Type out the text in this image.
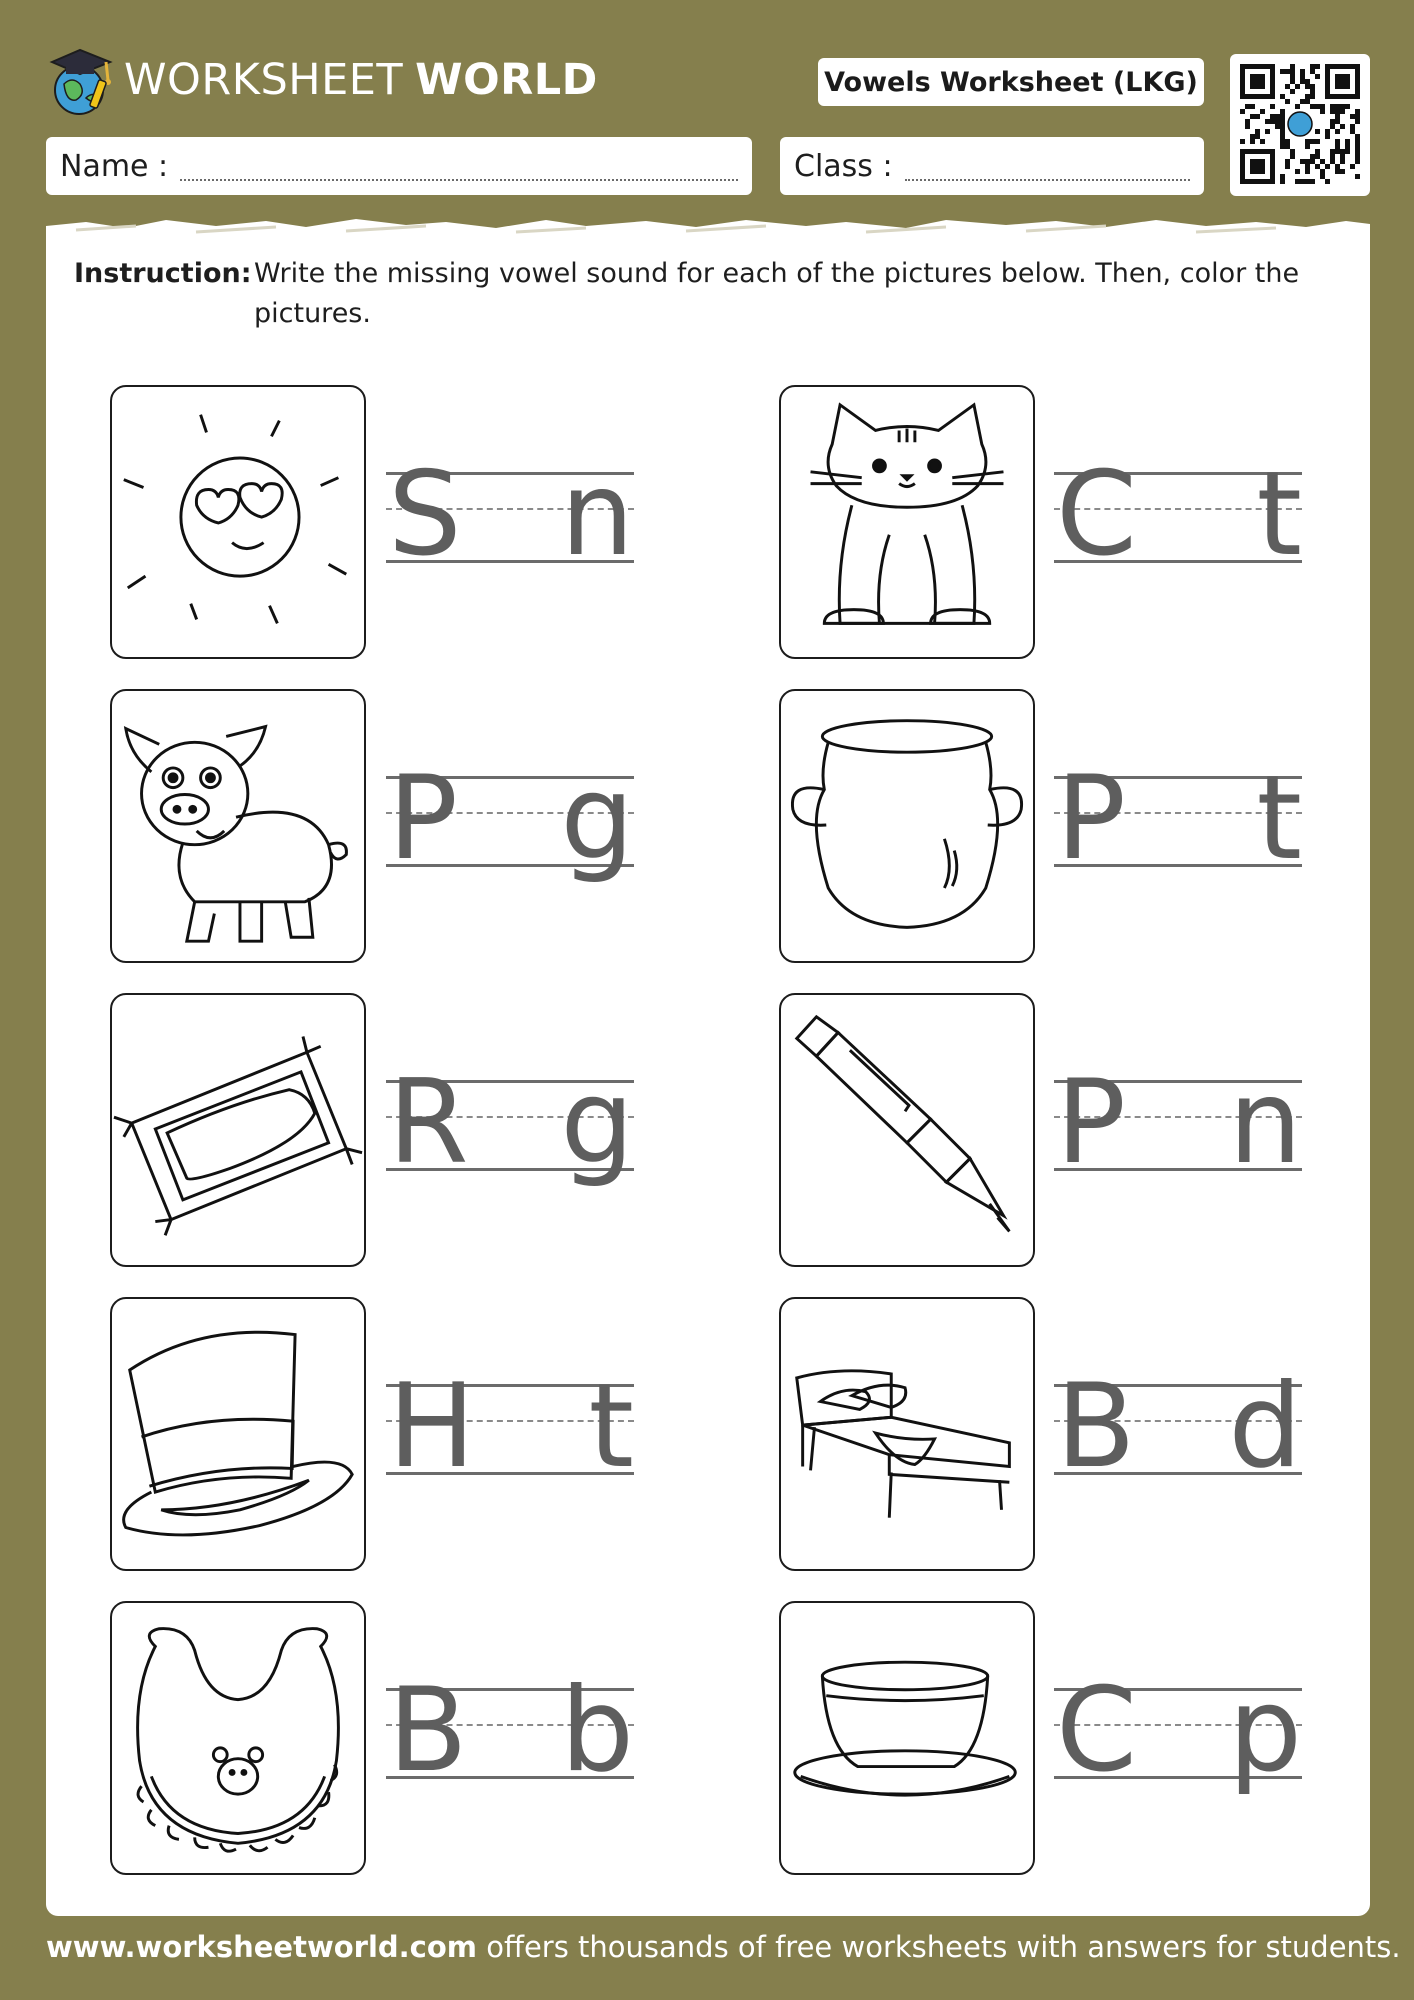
WORKSHEET WORLD	Vowels Worksheet (LKG)
Name :	Class :
Instruction: Write the missing vowel sound for each of the pictures below. Then, color the pictures.
S n	C t
P g	P t
R g	P n
H t	B d
B b	C p
www.worksheetworld.com offers thousands of free worksheets with answers for students.
